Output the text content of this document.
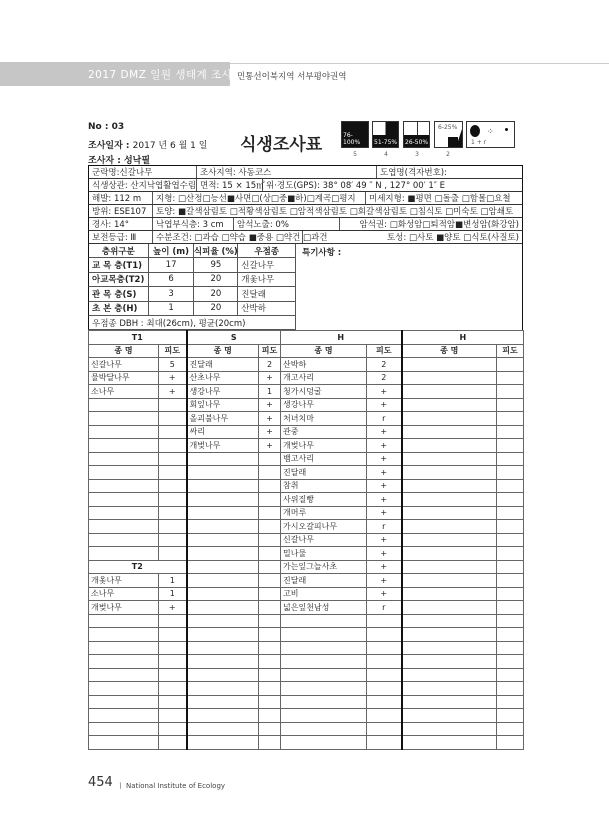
2017 DMZ 일원 생태계 조사 민통선이북지역 서부평야권역
No : 03
조사일자 : 2017 년 6 월 1 일
조사자 : 성낙필
식생조사표	76-100%	51-75% 26-50%
6-25%	⁘
1 + r
5	4	3	2
군락명:신갈나무	조사지역: 사동코스	도엽명(격자번호):
식생상관: 산지낙엽활엽수림 면적: 15 × 15㎡ 위·경도(GPS): 38° 08′ 49 ″ N , 127° 00′ 1″ E
해발: 112 m	지형: □산정□능선■사면□(상□중■하)□계곡□평지	미세지형: ■평면 □돌출 □함몰□요철
방위: ESE107	토양: ■갈색삼림토 □적황색삼림토 □암적색삼림토 □회갈색삼림토 □침식토 □미숙토 □암쇄토
경사: 14°	낙엽부식층: 3 cm	암석노출: 0%	암석권: □화성암□퇴적암■변성암(화강암)
보전등급: Ⅲ	수분조건: □과습 □약습 ■중용 □약건 □과건	토성: □사토 ■양토 □식토(사질토)
층위구분	높이 (m) 식피율 (%)	우점종
교 목 층(T1)	17	95	신갈나무
아교목층(T2)	6	20	개옻나무
관 목 층(S)	3	20	진달래
초 본 층(H)	1	20	산박하
우점종 DBH : 최대(26cm), 평균(20cm)
특기사항 :
T1		S		H		H	
종 명	피도	종 명	피도	종 명	피도	종 명	피도
신갈나무	5	진달래	2	산박하	2		
물박달나무	+	산초나무	+	개고사리	2		
소나무	+	생강나무	1	청가시덩굴	+		
		회잎나무	+	생강나무	+		
		올괴불나무	+	처녀치마	r		
		싸리	+	관중	+		
		개벚나무	+	개벚나무	+		
				뱀고사리	+		
				진달래	+		
				참취	+		
				사위질빵	+		
				개머루	+		
				가시오갈피나무	r		
				신갈나무	+		
				밀나물	+		
T2				가는잎그늘사초	+		
개옻나무	1			진달래	+		
소나무	1			고비	+		
개벚나무	+			넓은잎천남성	r		

454 ㅣ National Institute of Ecology
